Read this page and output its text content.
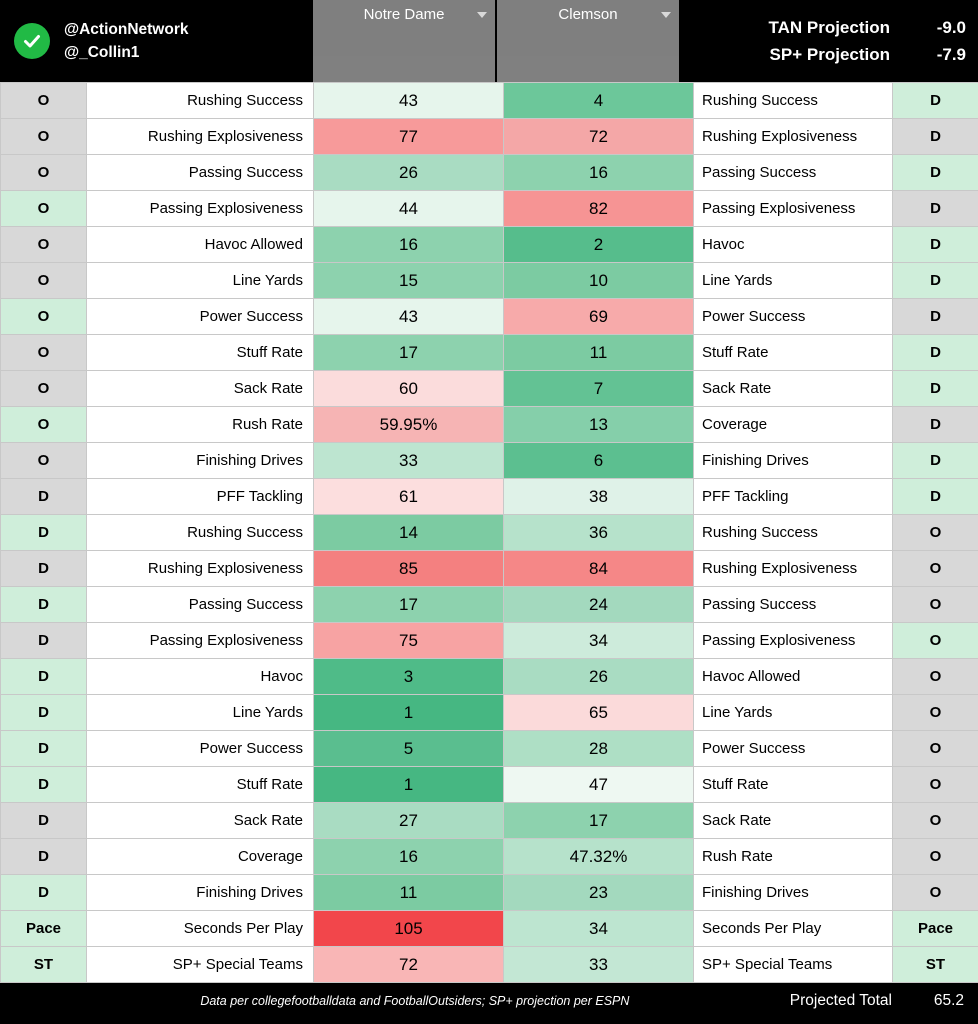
@ActionNetwork
@_Collin1
Notre Dame	Clemson
TAN Projection	-9.0
SP+ Projection	-7.9
O	Rushing Success	43	4	Rushing Success	D
O	Rushing Explosiveness	77	72	Rushing Explosiveness	D
O	Passing Success	26	16	Passing Success	D
O	Passing Explosiveness	44	82	Passing Explosiveness	D
O	Havoc Allowed	16	2	Havoc	D
O	Line Yards	15	10	Line Yards	D
O	Power Success	43	69	Power Success	D
O	Stuff Rate	17	11	Stuff Rate	D
O	Sack Rate	60	7	Sack Rate	D
O	Rush Rate	59.95%	13	Coverage	D
O	Finishing Drives	33	6	Finishing Drives	D
D	PFF Tackling	61	38	PFF Tackling	D
D	Rushing Success	14	36	Rushing Success	O
D	Rushing Explosiveness	85	84	Rushing Explosiveness	O
D	Passing Success	17	24	Passing Success	O
D	Passing Explosiveness	75	34	Passing Explosiveness	O
D	Havoc	3	26	Havoc Allowed	O
D	Line Yards	1	65	Line Yards	O
D	Power Success	5	28	Power Success	O
D	Stuff Rate	1	47	Stuff Rate	O
D	Sack Rate	27	17	Sack Rate	O
D	Coverage	16	47.32%	Rush Rate	O
D	Finishing Drives	11	23	Finishing Drives	O
Pace	Seconds Per Play	105	34	Seconds Per Play	Pace
ST	SP+ Special Teams	72	33	SP+ Special Teams	ST
Data per collegefootballdata and FootballOutsiders; SP+ projection per ESPN	Projected Total	65.2
